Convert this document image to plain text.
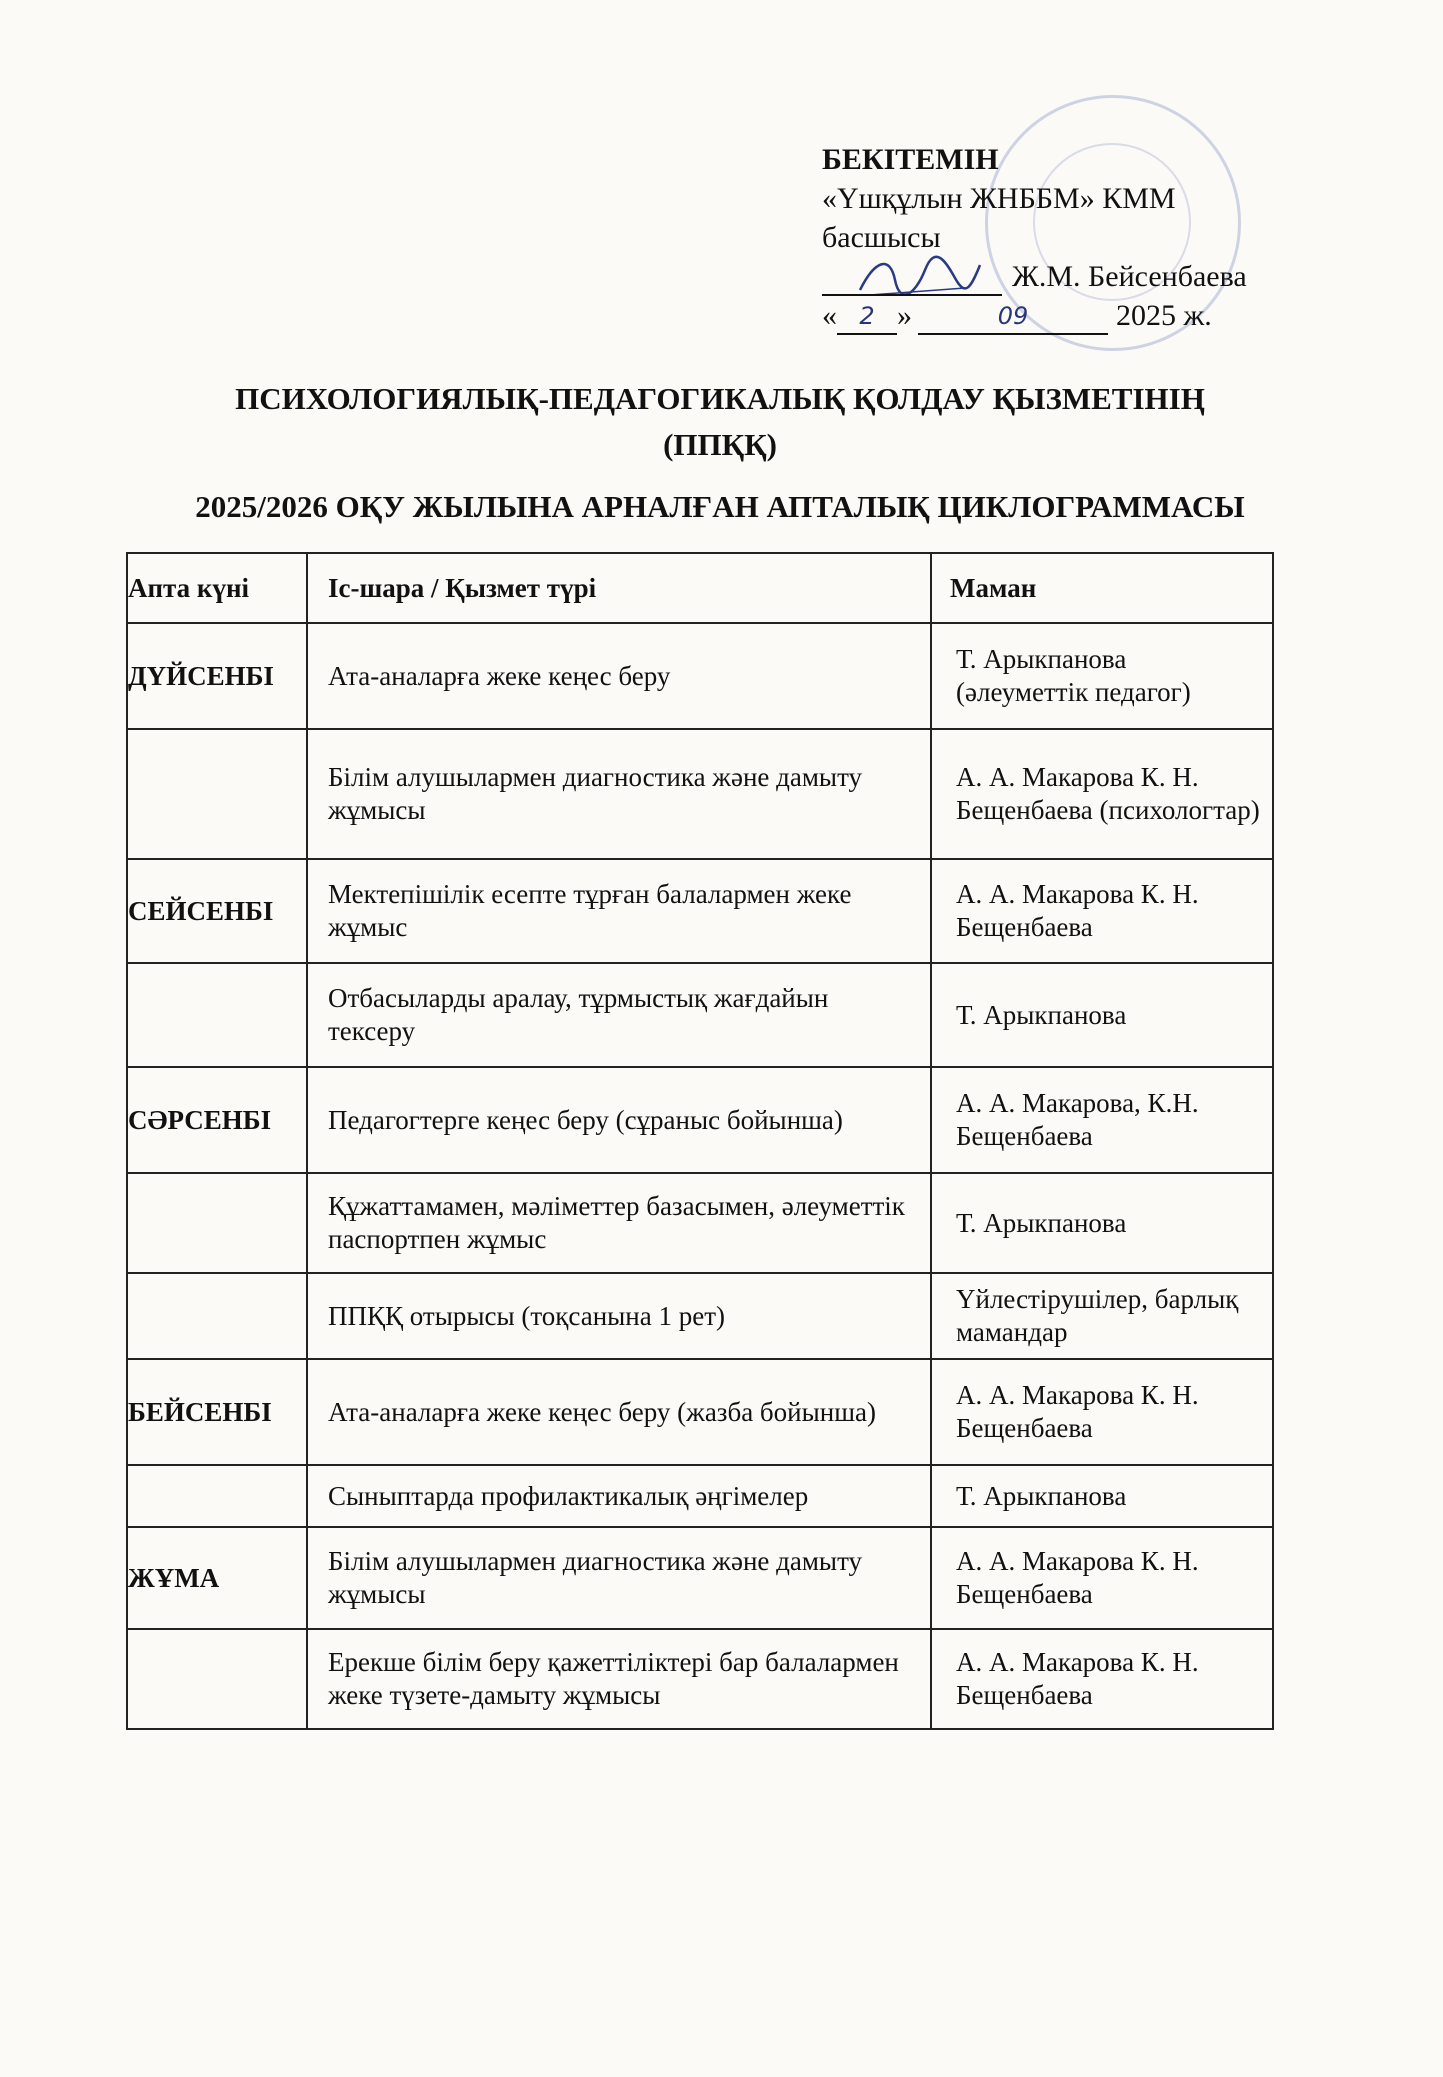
БЕКІТЕМІН
«Үшқұлын ЖНББМ» КММ
басшысы
Ж.М. Бейсенбаева
« 2 »	09	2025 ж.
ПСИХОЛОГИЯЛЫҚ-ПЕДАГОГИКАЛЫҚ ҚОЛДАУ ҚЫЗМЕТІНІҢ
(ППҚҚ)
2025/2026 ОҚУ ЖЫЛЫНА АРНАЛҒАН АПТАЛЫҚ ЦИКЛОГРАММАСЫ
Апта күні	Іс-шара / Қызмет түрі	Маман
ДҮЙСЕНБІ	Ата-аналарға жеке кеңес беру	Т. Арыкпанова (әлеуметтік педагог)
	Білім алушылармен диагностика және дамыту жұмысы	А. А. Макарова К. Н. Бещенбаева (психологтар)
СЕЙСЕНБІ	Мектепішілік есепте тұрған балалармен жеке жұмыс	А. А. Макарова К. Н. Бещенбаева
	Отбасыларды аралау, тұрмыстық жағдайын тексеру	Т. Арыкпанова
СӘРСЕНБІ	Педагогтерге кеңес беру (сұраныс бойынша)	А. А. Макарова, К.Н. Бещенбаева
	Құжаттамамен, мәліметтер базасымен, әлеуметтік паспортпен жұмыс	Т. Арыкпанова
	ППҚҚ отырысы (тоқсанына 1 рет)	Үйлестірушілер, барлық мамандар
БЕЙСЕНБІ	Ата-аналарға жеке кеңес беру (жазба бойынша)	А. А. Макарова К. Н. Бещенбаева
	Сыныптарда профилактикалық әңгімелер	Т. Арыкпанова
ЖҰМА	Білім алушылармен диагностика және дамыту жұмысы	А. А. Макарова К. Н. Бещенбаева
	Ерекше білім беру қажеттіліктері бар балалармен жеке түзете-дамыту жұмысы	А. А. Макарова К. Н. Бещенбаева
